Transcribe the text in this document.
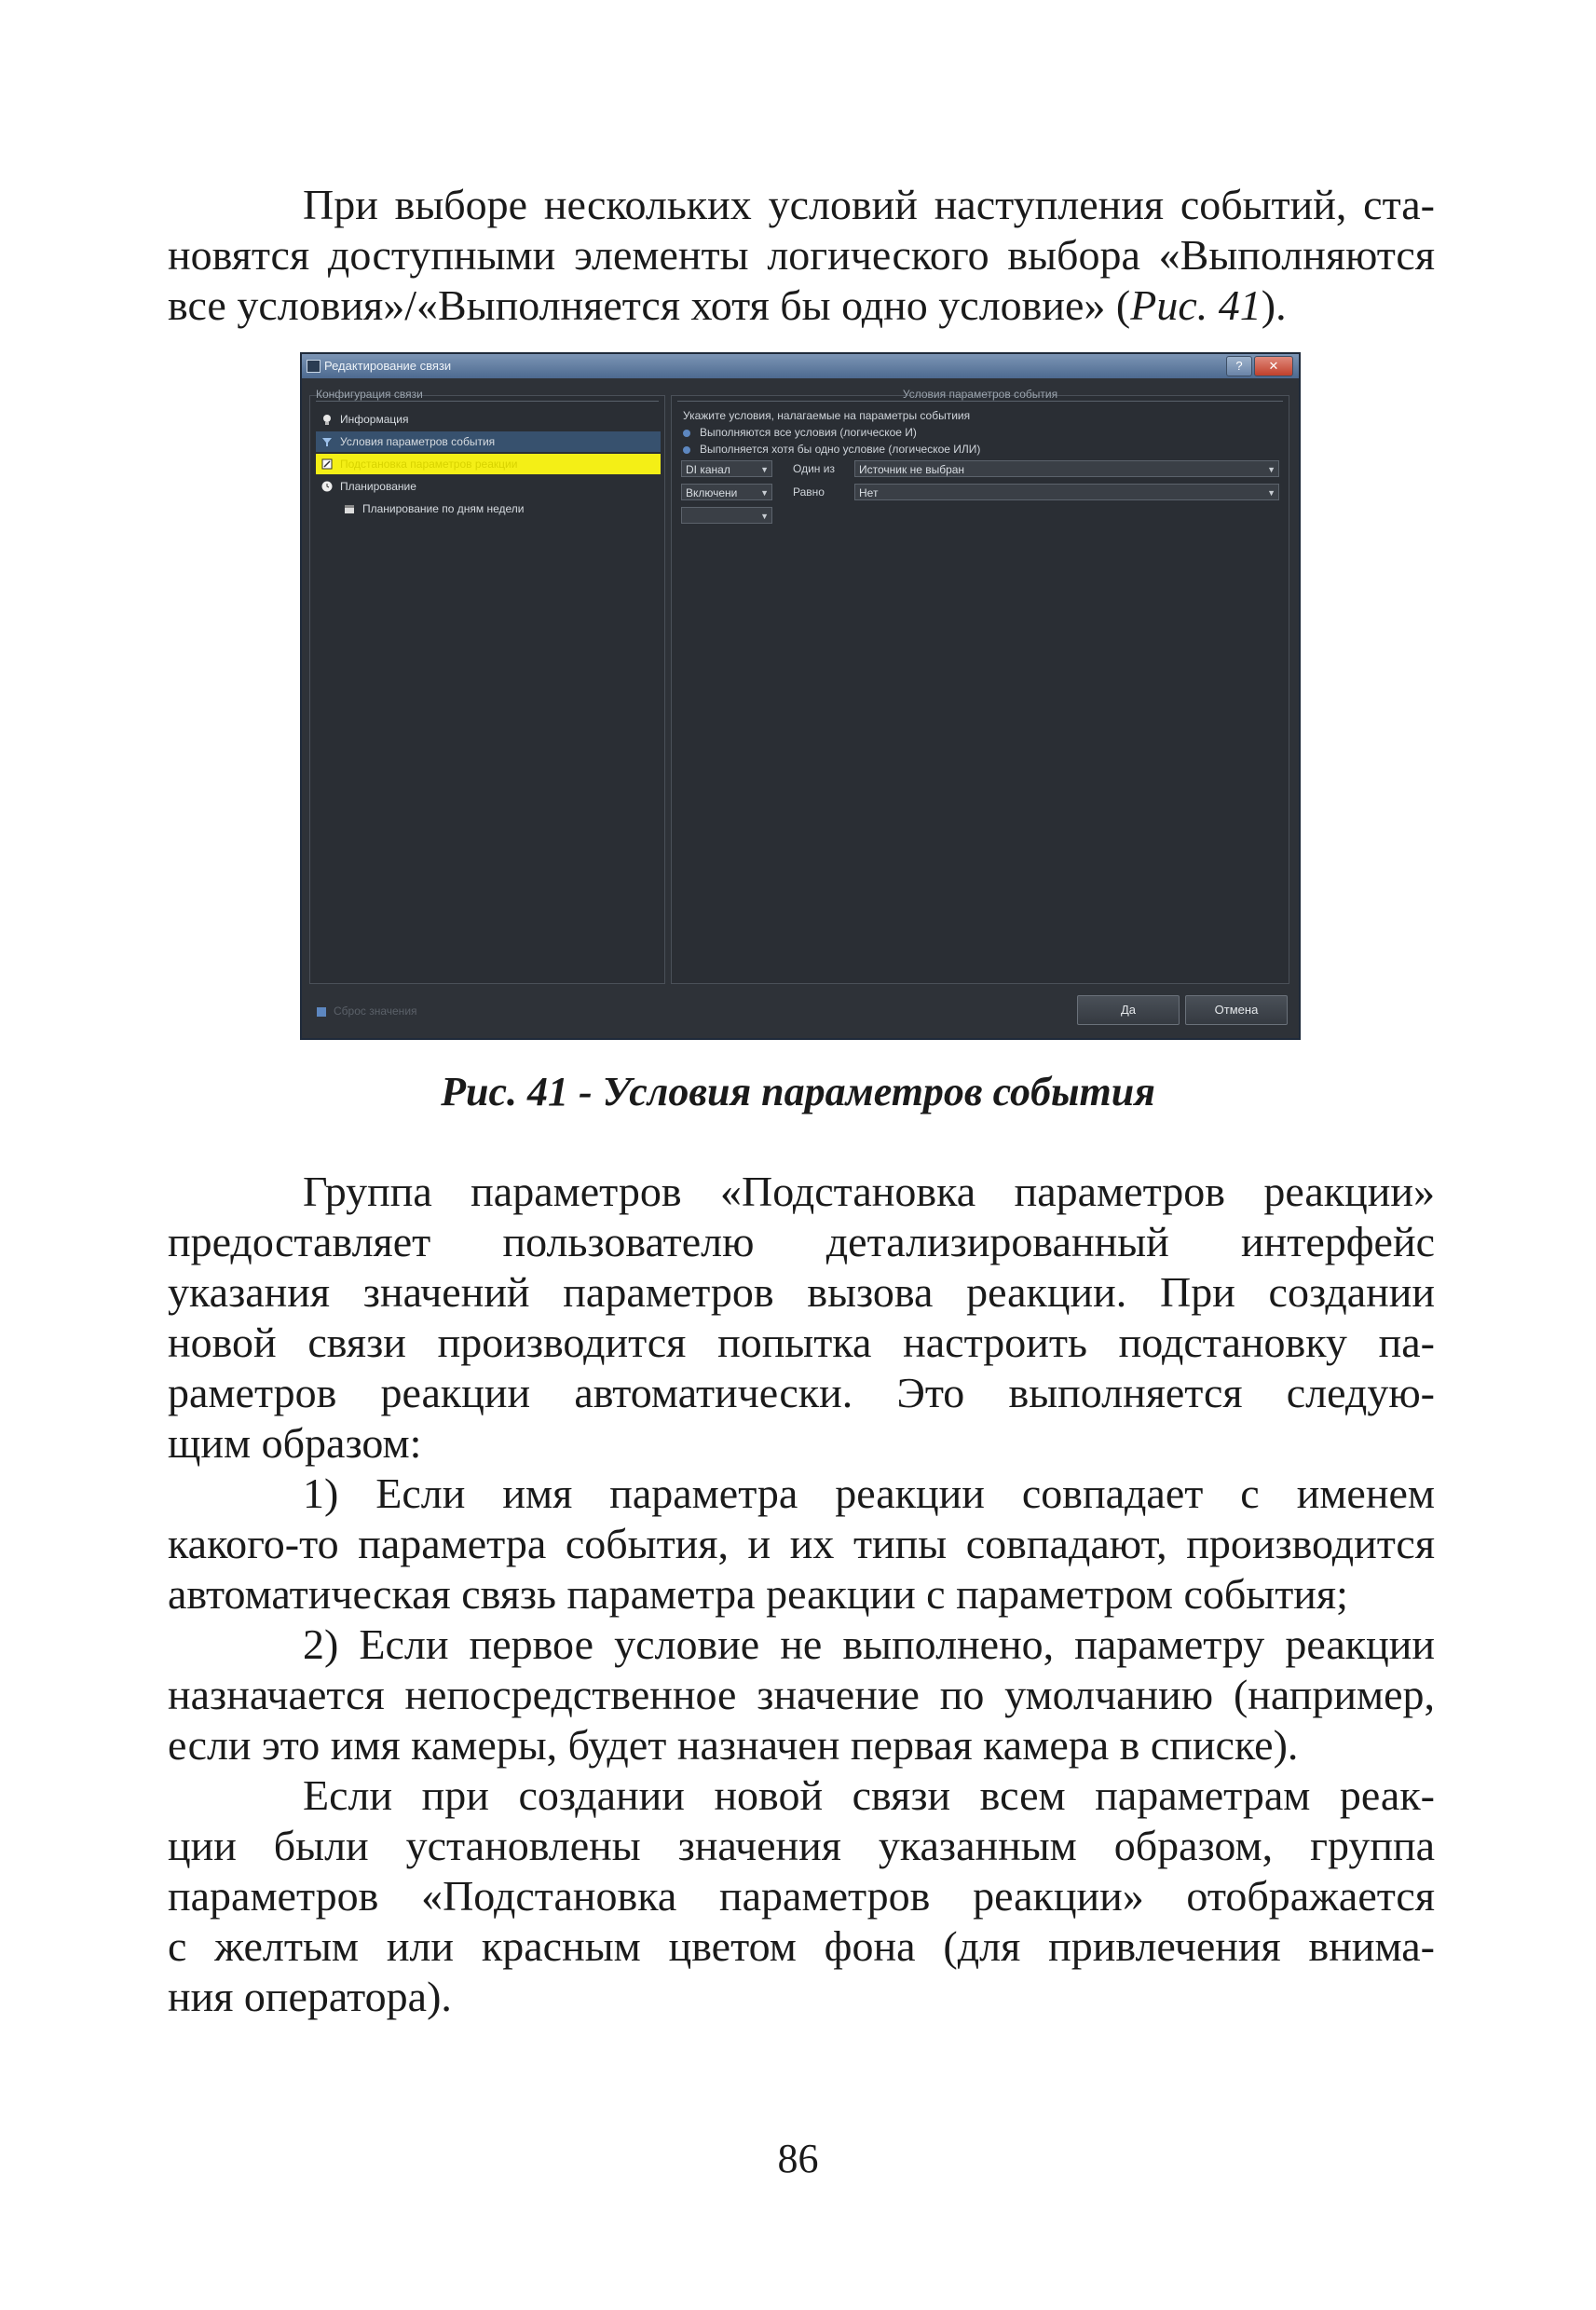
При выборе нескольких условий наступления событий, ста-
новятся доступными элементы логического выбора «Выполняются
все условия»/«Выполняется хотя бы одно условие» (Рис. 41).
Редактирование связи	?	✕
Конфигурация связи
Информация
Условия параметров события
Подстановка параметров реакции
Планирование
Планирование по дням недели
Условия параметров события
Укажите условия, налагаемые на параметры событиия
Выполняются все условия (логическое И)
Выполняется хотя бы одно условие (логическое ИЛИ)
DI канал	▼ Один из	Источник не выбран	▼
Включени	▼ Равно	Нет	▼
▼
Сброс значения	Да	Отмена
Рис. 41 - Условия параметров события
Группа параметров «Подстановка параметров реакции»
предоставляет пользователю детализированный интерфейс
указания значений параметров вызова реакции. При создании
новой связи производится попытка настроить подстановку па-
раметров реакции автоматически. Это выполняется следую-
щим образом:
1) Если имя параметра реакции совпадает с именем
какого-то параметра события, и их типы совпадают, производится
автоматическая связь параметра реакции с параметром события;
2) Если первое условие не выполнено, параметру реакции
назначается непосредственное значение по умолчанию (например,
если это имя камеры, будет назначен первая камера в списке).
Если при создании новой связи всем параметрам реак-
ции были установлены значения указанным образом, группа
параметров «Подстановка параметров реакции» отображается
с желтым или красным цветом фона (для привлечения внима-
ния оператора).
86
